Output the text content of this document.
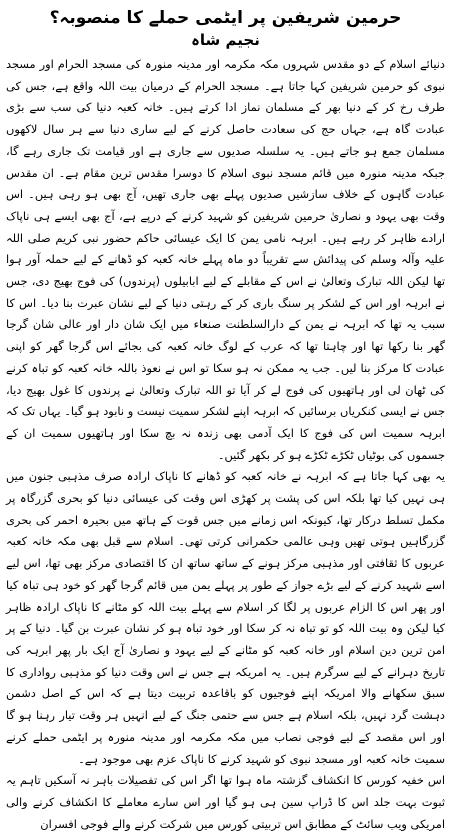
حرمین شریفین پر ایٹمی حملے کا منصوبہ؟
نجیم شاہ

دنیائے اسلام کے دو مقدس شہروں مکہ مکرمہ اور مدینہ منورہ کی مسجد الحرام اور مسجد نبوی کو حرمین شریفین کہا جاتا ہے۔ مسجد الحرام کے درمیان بیت اللہ واقع ہے، جس کی طرف رخ کر کے دنیا بھر کے مسلمان نماز ادا کرتے ہیں۔ خانہ کعبہ دنیا کی سب سے بڑی عبادت گاہ ہے، جہاں حج کی سعادت حاصل کرنے کے لیے ساری دنیا سے ہر سال لاکھوں مسلمان جمع ہو جاتے ہیں۔ یہ سلسلہ صدیوں سے جاری ہے اور قیامت تک جاری رہے گا، جبکہ مدینہ منورہ میں قائم مسجد نبوی اسلام کا دوسرا مقدس ترین مقام ہے۔ ان مقدس عبادت گاہوں کے خلاف سازشیں صدیوں پہلے بھی جاری تھیں، آج بھی ہو رہی ہیں۔ اس وقت بھی یہود و نصاریٰ حرمین شریفین کو شہید کرنے کے درپے ہے، آج بھی ایسے ہی ناپاک ارادے ظاہر کر رہے ہیں۔ ابرہہ نامی یمن کا ایک عیسائی حاکم حضور نبی کریم صلی اللہ علیہ وآلہ وسلم کی پیدائش سے تقریباً دو ماہ پہلے خانہ کعبہ کو ڈھانے کے لیے حملہ آور ہوا تھا لیکن اللہ تبارک وتعالیٰ نے اس کے مقابلے کے لیے ابابیلوں (پرندوں) کی فوج بھیج دی، جس نے ابرہہ اور اس کے لشکر پر سنگ باری کر کے رہتی دنیا کے لیے نشان عبرت بنا دیا۔ اس کا سبب یہ تھا کہ ابرہہ نے یمن کے دارالسلطنت صنعاء میں ایک شان دار اور عالی شان گرجا گھر بنا رکھا تھا اور چاہتا تھا کہ عرب کے لوگ خانہ کعبہ کی بجائے اس گرجا گھر کو اپنی عبادت کا مرکز بنا لیں۔ جب یہ ممکن نہ ہو سکا تو اس نے نعوذ باللہ خانہ کعبہ کو تباہ کرنے کی ٹھان لی اور ہاتھیوں کی فوج لے کر آیا تو اللہ تبارک وتعالیٰ نے پرندوں کا غول بھیج دیا، جس نے ایسی کنکریاں برسائیں کہ ابرہہ اپنے لشکر سمیت نیست و نابود ہو گیا۔ یہاں تک کہ ابرہہ سمیت اس کی فوج کا ایک آدمی بھی زندہ نہ بچ سکا اور ہاتھیوں سمیت ان کے جسموں کی بوٹیاں ٹکڑے ٹکڑے ہو کر بکھر گئیں۔

یہ بھی کہا جاتا ہے کہ ابرہہ نے خانہ کعبہ کو ڈھانے کا ناپاک ارادہ صرف مذہبی جنون میں ہی نہیں کیا تھا بلکہ اس کی پشت پر کھڑی اس وقت کی عیسائی دنیا کو بحری گزرگاہ پر مکمل تسلط درکار تھا، کیونکہ اس زمانے میں جس قوت کے ہاتھ میں بحیرہ احمر کی بحری گزرگاہیں ہوتی تھیں وہی عالمی حکمرانی کرتی تھی۔ اسلام سے قبل بھی مکہ خانہ کعبہ عربوں کا ثقافتی اور مذہبی مرکز ہونے کے ساتھ ساتھ ان کا اقتصادی مرکز بھی تھا، اس لیے اسے شہید کرنے کے لیے بڑے جواز کے طور پر پہلے یمن میں قائم گرجا گھر کو خود ہی تباہ کیا اور پھر اس کا الزام عربوں پر لگا کر اسلام سے پہلے بیت اللہ کو مٹانے کا ناپاک ارادہ ظاہر کیا لیکن وہ بیت اللہ کو تو تباہ نہ کر سکا اور خود تباہ ہو کر نشان عبرت بن گیا۔ دنیا کے پر امن ترین دین اسلام اور خانہ کعبہ کو مٹانے کے لیے یہود و نصاریٰ آج ایک بار پھر ابرہہ کی تاریخ دہرانے کے لیے سرگرم ہیں۔ یہ امریکہ ہے جس نے اس وقت دنیا کو مذہبی رواداری کا سبق سکھانے والا امریکہ اپنے فوجیوں کو باقاعدہ تربیت دیتا ہے کہ اس کے اصل دشمن دہشت گرد نہیں، بلکہ اسلام ہے جس سے حتمی جنگ کے لیے انہیں ہر وقت تیار رہنا ہو گا اور اس مقصد کے لیے فوجی نصاب میں مکہ مکرمہ اور مدینہ منورہ پر ایٹمی حملے کرنے سمیت خانہ کعبہ اور مسجد نبوی کو شہید کرنے کا ناپاک عزم بھی موجود ہے۔

اس خفیہ کورس کا انکشاف گزشتہ ماہ ہوا تھا اگر اس کی تفصیلات باہر نہ آسکیں تاہم یہ ثبوت بہت جلد اس کا ڈراپ سین ہی ہو گیا اور اس سارے معاملے کا انکشاف کرنے والی امریکی ویب سائٹ کے مطابق اس تربیتی کورس میں شرکت کرنے والے فوجی افسران
